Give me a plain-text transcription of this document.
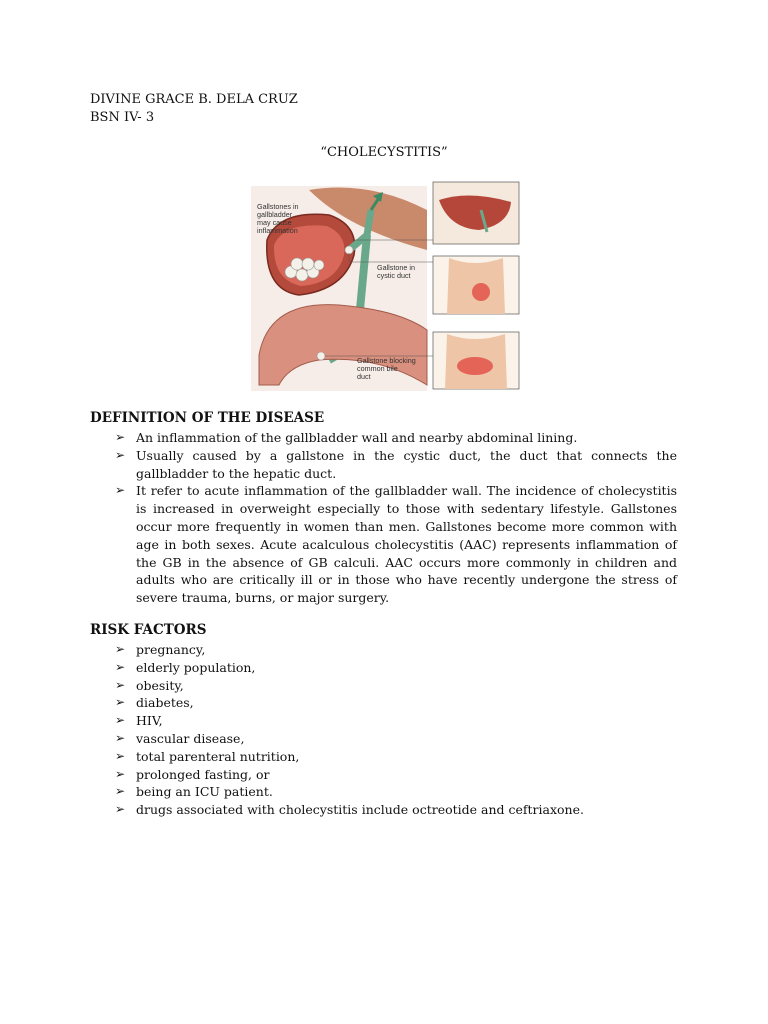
DIVINE GRACE B. DELA CRUZ
BSN IV- 3
“CHOLECYSTITIS”
Gallstones in
gallbladder
may cause
inflammation
Gallstone in
cystic duct
Gallstone blocking
common bile
duct
DEFINITION OF THE DISEASE
➢ An inflammation of the gallbladder wall and nearby abdominal lining.
➢ Usually caused by a gallstone in the cystic duct, the duct that connects the gallbladder to the hepatic duct.
➢ It refer to acute inflammation of the gallbladder wall. The incidence of cholecystitis is increased in overweight especially to those with sedentary lifestyle. Gallstones occur more frequently in women than men. Gallstones become more common with age in both sexes. Acute acalculous cholecystitis (AAC) represents inflammation of the GB in the absence of GB calculi. AAC occurs more commonly in children and adults who are critically ill or in those who have recently undergone the stress of severe trauma, burns, or major surgery.
RISK FACTORS
➢ pregnancy,
➢ elderly population,
➢ obesity,
➢ diabetes,
➢ HIV,
➢ vascular disease,
➢ total parenteral nutrition,
➢ prolonged fasting, or
➢ being an ICU patient.
➢ drugs associated with cholecystitis include octreotide and ceftriaxone.
